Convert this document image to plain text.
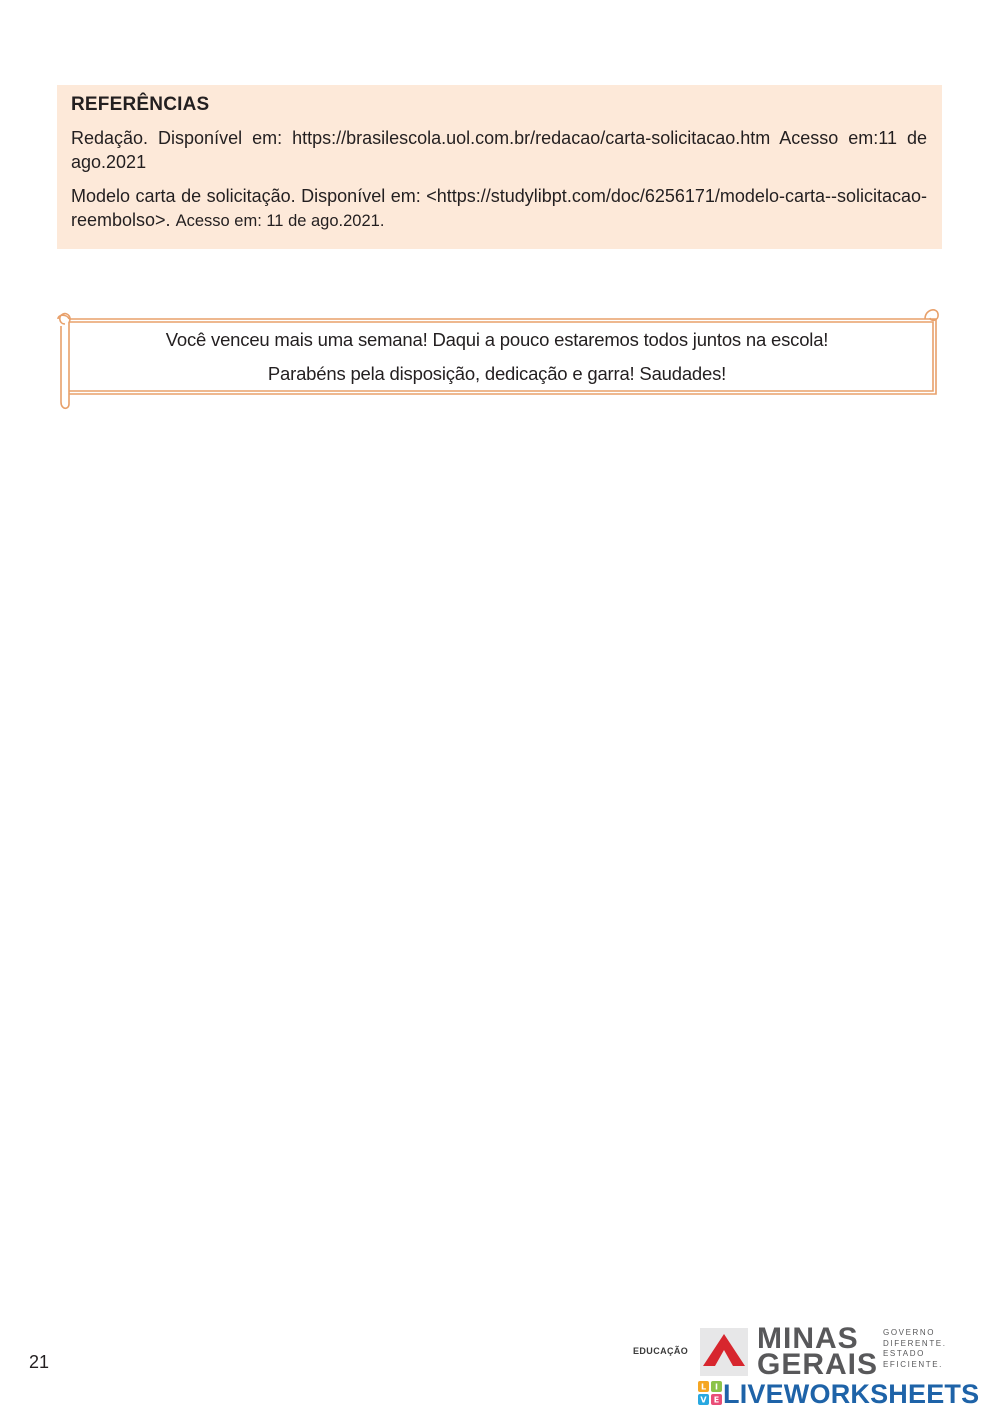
REFERÊNCIAS

Redação. Disponível em: https://brasilescola.uol.com.br/redacao/carta-solicitacao.htm Acesso em:11 de ago.2021

Modelo carta de solicitação. Disponível em: <https://studylibpt.com/doc/6256171/modelo-carta--solicitacao-reembolso>. Acesso em: 11 de ago.2021.

Você venceu mais uma semana! Daqui a pouco estaremos todos juntos na escola!
Parabéns pela disposição, dedicação e garra! Saudades!
21
EDUCAÇÃO MINAS
GERAIS
GOVERNO
DIFERENTE.
ESTADO
EFICIENTE.
L I
V E LIVEWORKSHEETS
